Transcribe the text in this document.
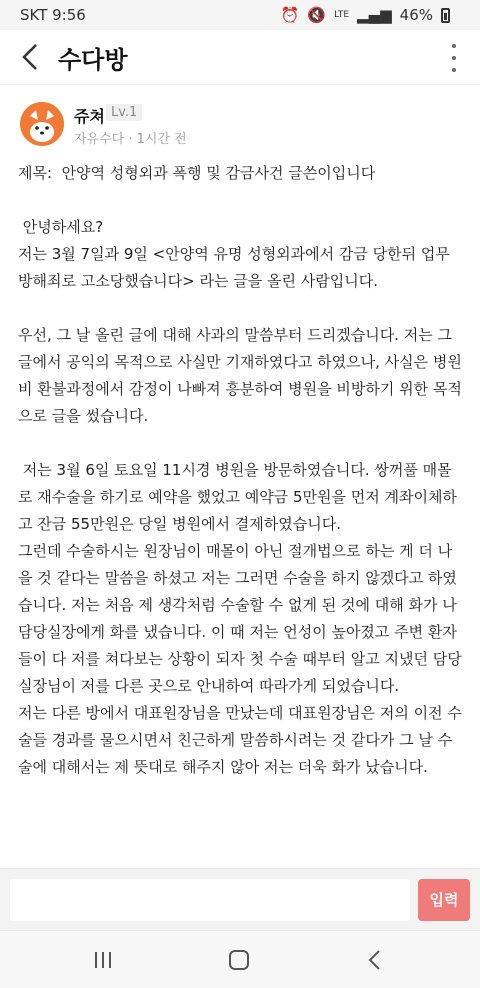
SKT 9:56	⏰ 🔇 LTE ▂▄▆ 46%
수다방
쥬쳐 Lv.1
자유수다 · 1시간 전

제목:  안양역 성형외과 폭행 및 감금사건 글쓴이입니다

안녕하세요?

저는 3월 7일과 9일 <안양역 유명 성형외과에서 감금 당한뒤 업무방해죄로 고소당했습니다> 라는 글을 올린 사람입니다.

우선, 그 날 올린 글에 대해 사과의 말씀부터 드리겠습니다. 저는 그 글에서 공익의 목적으로 사실만 기재하였다고 하였으나, 사실은 병원비 환불과정에서 감정이 나빠져 흥분하여 병원을 비방하기 위한 목적으로 글을 썼습니다.

저는 3월 6일 토요일 11시경 병원을 방문하였습니다. 쌍꺼풀 매몰로 재수술을 하기로 예약을 했었고 예약금 5만원을 먼저 계좌이체하고 잔금 55만원은 당일 병원에서 결제하였습니다.

그런데 수술하시는 원장님이 매몰이 아닌 절개법으로 하는 게 더 나을 것 같다는 말씀을 하셨고 저는 그러면 수술을 하지 않겠다고 하였습니다. 저는 처음 제 생각처럼 수술할 수 없게 된 것에 대해 화가 나 담당실장에게 화를 냈습니다. 이 때 저는 언성이 높아졌고 주변 환자들이 다 저를 쳐다보는 상황이 되자 첫 수술 때부터 알고 지냈던 담당실장님이 저를 다른 곳으로 안내하여 따라가게 되었습니다.

저는 다른 방에서 대표원장님을 만났는데 대표원장님은 저의 이전 수술들 경과를 물으시면서 친근하게 말씀하시려는 것 같다가 그 날 수술에 대해서는 제 뜻대로 해주지 않아 저는 더욱 화가 났습니다.

입력
